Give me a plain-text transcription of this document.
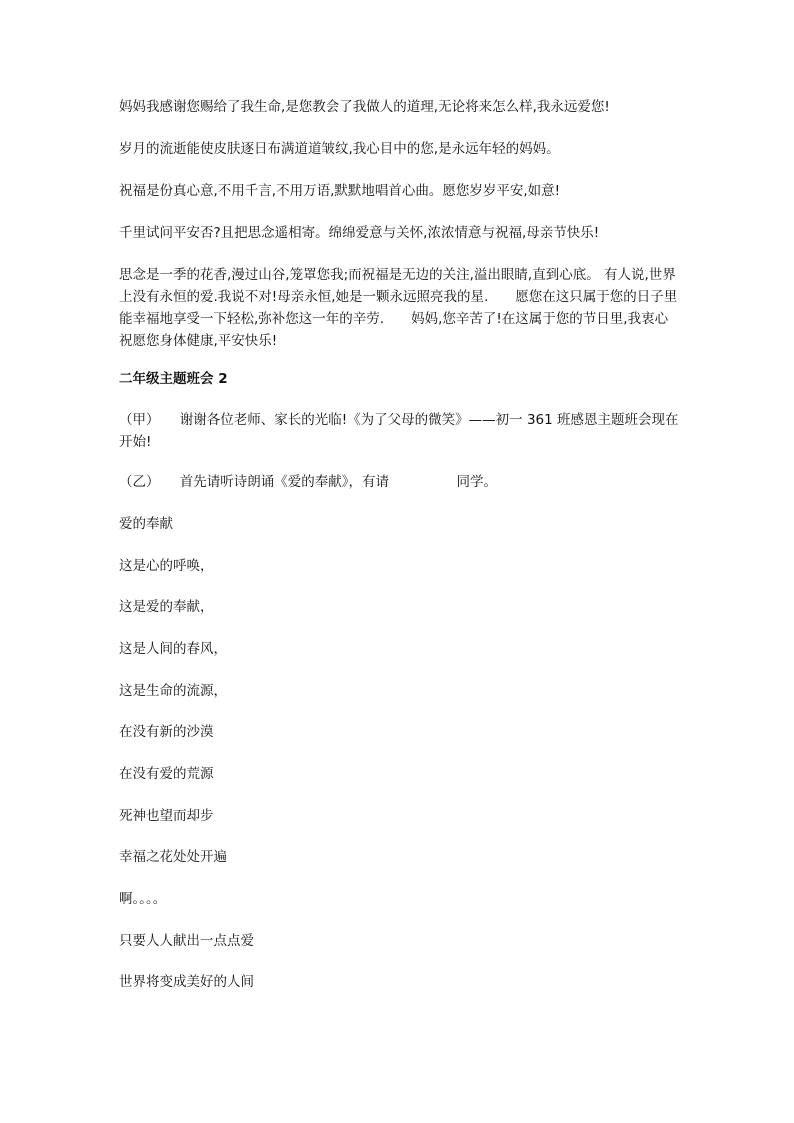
妈妈我感谢您赐给了我生命,是您教会了我做人的道理,无论将来怎么样,我永远爱您!
岁月的流逝能使皮肤逐日布满道道皱纹,我心目中的您,是永远年轻的妈妈。
祝福是份真心意,不用千言,不用万语,默默地唱首心曲。愿您岁岁平安,如意!
千里试问平安否?且把思念遥相寄。绵绵爱意与关怀,浓浓情意与祝福,母亲节快乐!
思念是一季的花香,漫过山谷,笼罩您我;而祝福是无边的关注,溢出眼睛,直到心底。 有人说,世界上没有永恒的爱.我说不对!母亲永恒,她是一颗永远照亮我的星.　　愿您在这只属于您的日子里能幸福地享受一下轻松,弥补您这一年的辛劳.　　妈妈,您辛苦了!在这属于您的节日里,我衷心祝愿您身体健康,平安快乐!
二年级主题班会 2
（甲）　　谢谢各位老师、家长的光临!《为了父母的微笑》——初一 361 班感恩主题班会现在开始!
（乙）　　首先请听诗朗诵《爱的奉献》，有请　　　　　同学。
爱的奉献
这是心的呼唤，
这是爱的奉献，
这是人间的春风，
这是生命的流源，
在没有新的沙漠
在没有爱的荒源
死神也望而却步
幸福之花处处开遍
啊。。。。
只要人人献出一点点爱
世界将变成美好的人间
